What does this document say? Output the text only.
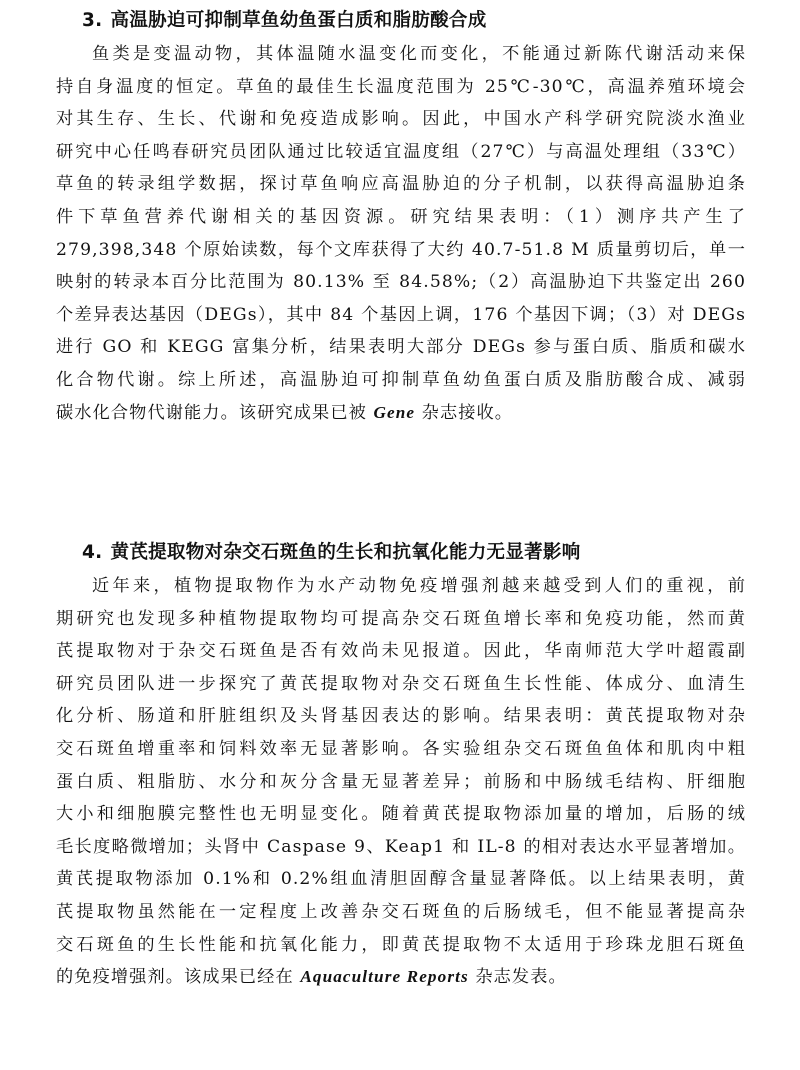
3. 高温胁迫可抑制草鱼幼鱼蛋白质和脂肪酸合成
鱼类是变温动物，其体温随水温变化而变化，不能通过新陈代谢活动来保
持自身温度的恒定。草鱼的最佳生长温度范围为 25℃-30℃，高温养殖环境会
对其生存、生长、代谢和免疫造成影响。因此，中国水产科学研究院淡水渔业
研究中心任鸣春研究员团队通过比较适宜温度组（27℃）与高温处理组（33℃）
草鱼的转录组学数据，探讨草鱼响应高温胁迫的分子机制，以获得高温胁迫条
件下草鱼营养代谢相关的基因资源。研究结果表明：（1）测序共产生了
279,398,348 个原始读数，每个文库获得了大约 40.7-51.8 M 质量剪切后，单一
映射的转录本百分比范围为 80.13% 至 84.58%;（2）高温胁迫下共鉴定出 260
个差异表达基因（DEGs），其中 84 个基因上调，176 个基因下调；（3）对 DEGs
进行 GO 和 KEGG 富集分析，结果表明大部分 DEGs 参与蛋白质、脂质和碳水
化合物代谢。综上所述，高温胁迫可抑制草鱼幼鱼蛋白质及脂肪酸合成、减弱
碳水化合物代谢能力。该研究成果已被 Gene 杂志接收。
4. 黄芪提取物对杂交石斑鱼的生长和抗氧化能力无显著影响
近年来，植物提取物作为水产动物免疫增强剂越来越受到人们的重视，前
期研究也发现多种植物提取物均可提高杂交石斑鱼增长率和免疫功能，然而黄
芪提取物对于杂交石斑鱼是否有效尚未见报道。因此，华南师范大学叶超霞副
研究员团队进一步探究了黄芪提取物对杂交石斑鱼生长性能、体成分、血清生
化分析、肠道和肝脏组织及头肾基因表达的影响。结果表明：黄芪提取物对杂
交石斑鱼增重率和饲料效率无显著影响。各实验组杂交石斑鱼鱼体和肌肉中粗
蛋白质、粗脂肪、水分和灰分含量无显著差异；前肠和中肠绒毛结构、肝细胞
大小和细胞膜完整性也无明显变化。随着黄芪提取物添加量的增加，后肠的绒
毛长度略微增加；头肾中 Caspase 9、Keap1 和 IL-8 的相对表达水平显著增加。
黄芪提取物添加 0.1%和 0.2%组血清胆固醇含量显著降低。以上结果表明，黄
芪提取物虽然能在一定程度上改善杂交石斑鱼的后肠绒毛，但不能显著提高杂
交石斑鱼的生长性能和抗氧化能力，即黄芪提取物不太适用于珍珠龙胆石斑鱼
的免疫增强剂。该成果已经在 Aquaculture Reports 杂志发表。
